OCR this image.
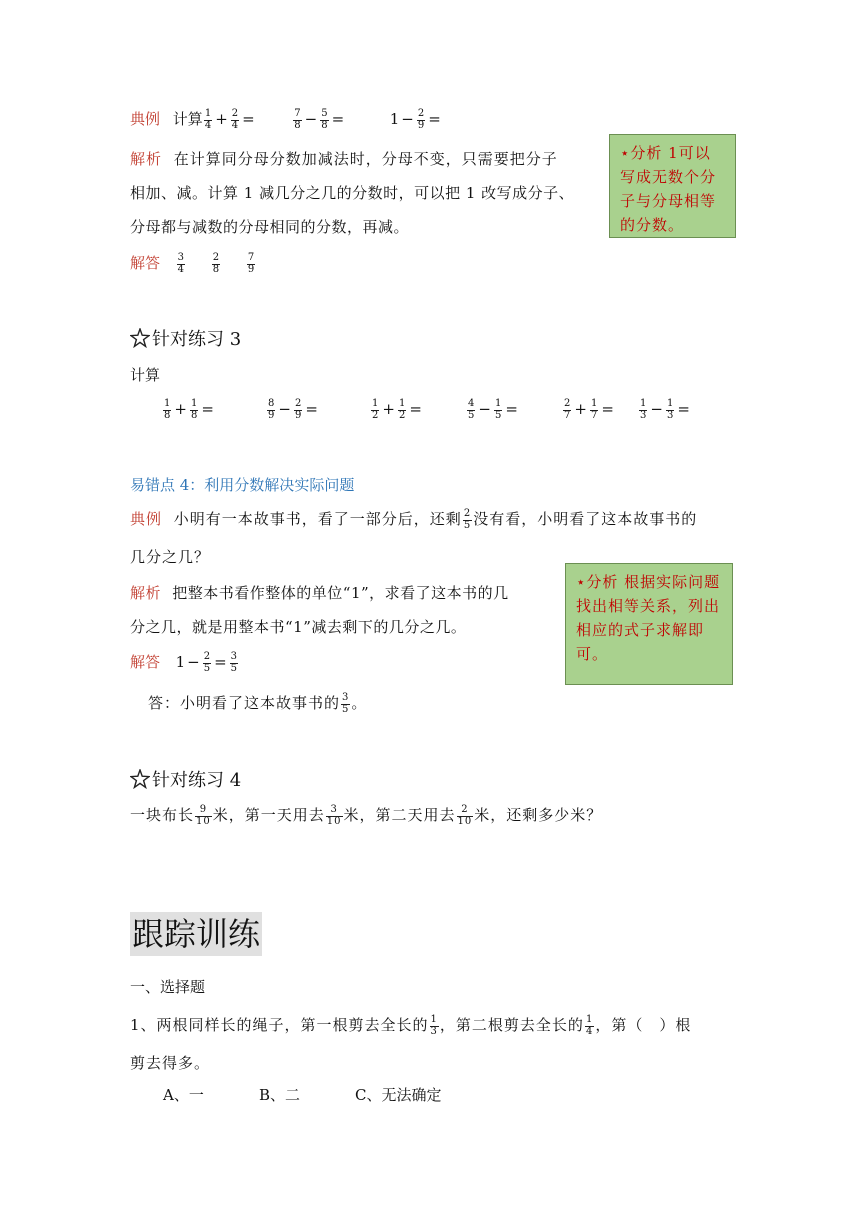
典例 计算 $\frac{1}{4} + \frac{2}{4}$ =	$\frac{7}{8} - \frac{5}{8}$ =	$1 - \frac{2}{9}$ =
解析 在计算同分母分数加减法时，分母不变，只需要把分子
相加、减。计算 1 减几分之几的分数时，可以把 1 改写成分子、
分母都与减数的分母相同的分数，再减。
⋆分析 1可以写成无数个分子与分母相等的分数。
解答 $\frac{3}{4}$
	$\frac{2}{8}$
	$\frac{7}{9}$
针对练习 3
计算
$\frac{1}{8} + \frac{1}{8}$ =	$\frac{8}{9} - \frac{2}{9}$ =	$\frac{1}{2} + \frac{1}{2}$ =	$\frac{4}{5} - \frac{1}{5}$ =	$\frac{2}{7} + \frac{1}{7}$ =	$\frac{1}{3} - \frac{1}{3}$ =
易错点 4：利用分数解决实际问题
典例 小明有一本故事书，看了一部分后，还剩 $\frac{2}{5}$ 没有看，小明看了这本故事书的
几分之几？
解析 把整本书看作整体的单位“1”，求看了这本书的几
分之几，就是用整本书“1”减去剩下的几分之几。
⋆分析 根据实际问题找出相等关系，列出相应的式子求解即可。
解答 $1 - \frac{2}{5} = \frac{3}{5}$
答：小明看了这本故事书的 $\frac{3}{5}$ 。
针对练习 4
一块布长 $\frac{9}{10}$ 米，第一天用去 $\frac{3}{10}$ 米，第二天用去 $\frac{2}{10}$ 米，还剩多少米？
跟踪训练
一、选择题
1、两根同样长的绳子，第一根剪去全长的 $\frac{1}{3}$ ，第二根剪去全长的 $\frac{1}{4}$ ，第（　）根
剪去得多。
A、一	B、二	C、无法确定
